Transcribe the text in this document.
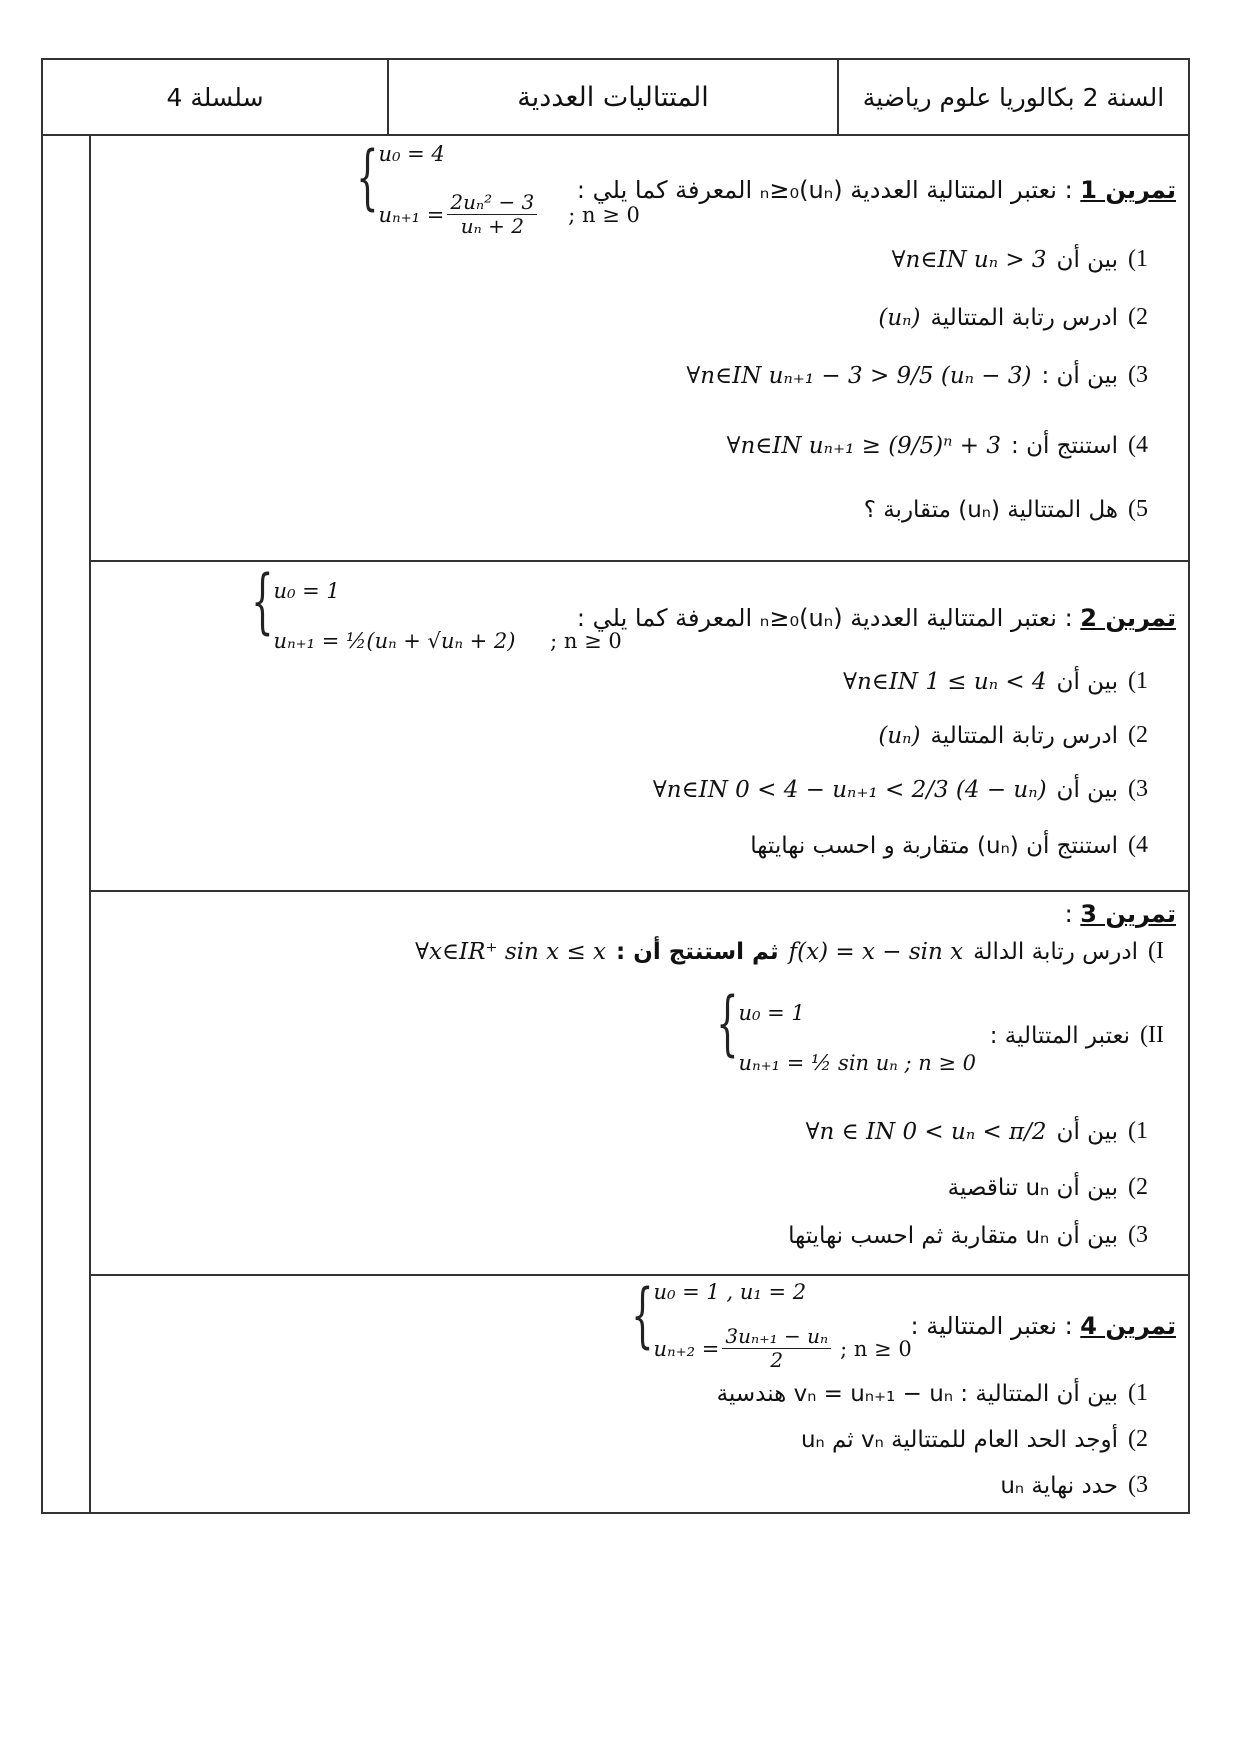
سلسلة 4	المتتاليات العددية	السنة 2 بكالوريا علوم رياضية
تمرين 1 : نعتبر المتتالية العددية (uₙ)ₙ≥₀ المعرفة كما يلي :
{ u₀ = 4
$u_{n+1} = \frac{\text{2uₙ² − 3}}{\text{uₙ + 2}}$ ; n ≥ 0
1)
بين أن
∀n∈IN uₙ > 3
2)
ادرس رتابة المتتالية
(uₙ)
3)
بين أن :
∀n∈IN uₙ₊₁ − 3 > 9/5 (uₙ − 3)
4)
استنتج أن :
∀n∈IN uₙ₊₁ ≥ (9/5)ⁿ + 3
5)
هل المتتالية (uₙ) متقاربة ؟
تمرين 2 : نعتبر المتتالية العددية (uₙ)ₙ≥₀ المعرفة كما يلي :
{ u₀ = 1
uₙ₊₁ = ½(uₙ + √uₙ + 2) ; n ≥ 0
1)
بين أن
∀n∈IN 1 ≤ uₙ < 4
2)
ادرس رتابة المتتالية
(uₙ)
3)
بين أن
∀n∈IN 0 < 4 − uₙ₊₁ < 2/3 (4 − uₙ)
4)
استنتج أن (uₙ) متقاربة و احسب نهايتها
تمرين 3 :
I)
ادرس رتابة الدالة
f(x) = x − sin x
ثم استنتج أن :
∀x∈IR⁺ sin x ≤ x
II)
نعتبر المتتالية :
{ u₀ = 1
uₙ₊₁ = ½ sin uₙ ; n ≥ 0
1)
بين أن
∀n ∈ IN 0 < uₙ < π/2
2)
بين أن uₙ تناقصية
3)
بين أن uₙ متقاربة ثم احسب نهايتها
تمرين 4 : نعتبر المتتالية :
{ u₀ = 1 , u₁ = 2
$u_{n+2} = \frac{\text{3uₙ₊₁ − uₙ}}{2}$ ; n ≥ 0
1)
بين أن المتتالية : vₙ = uₙ₊₁ − uₙ هندسية
2)
أوجد الحد العام للمتتالية vₙ ثم uₙ
3)
حدد نهاية uₙ
